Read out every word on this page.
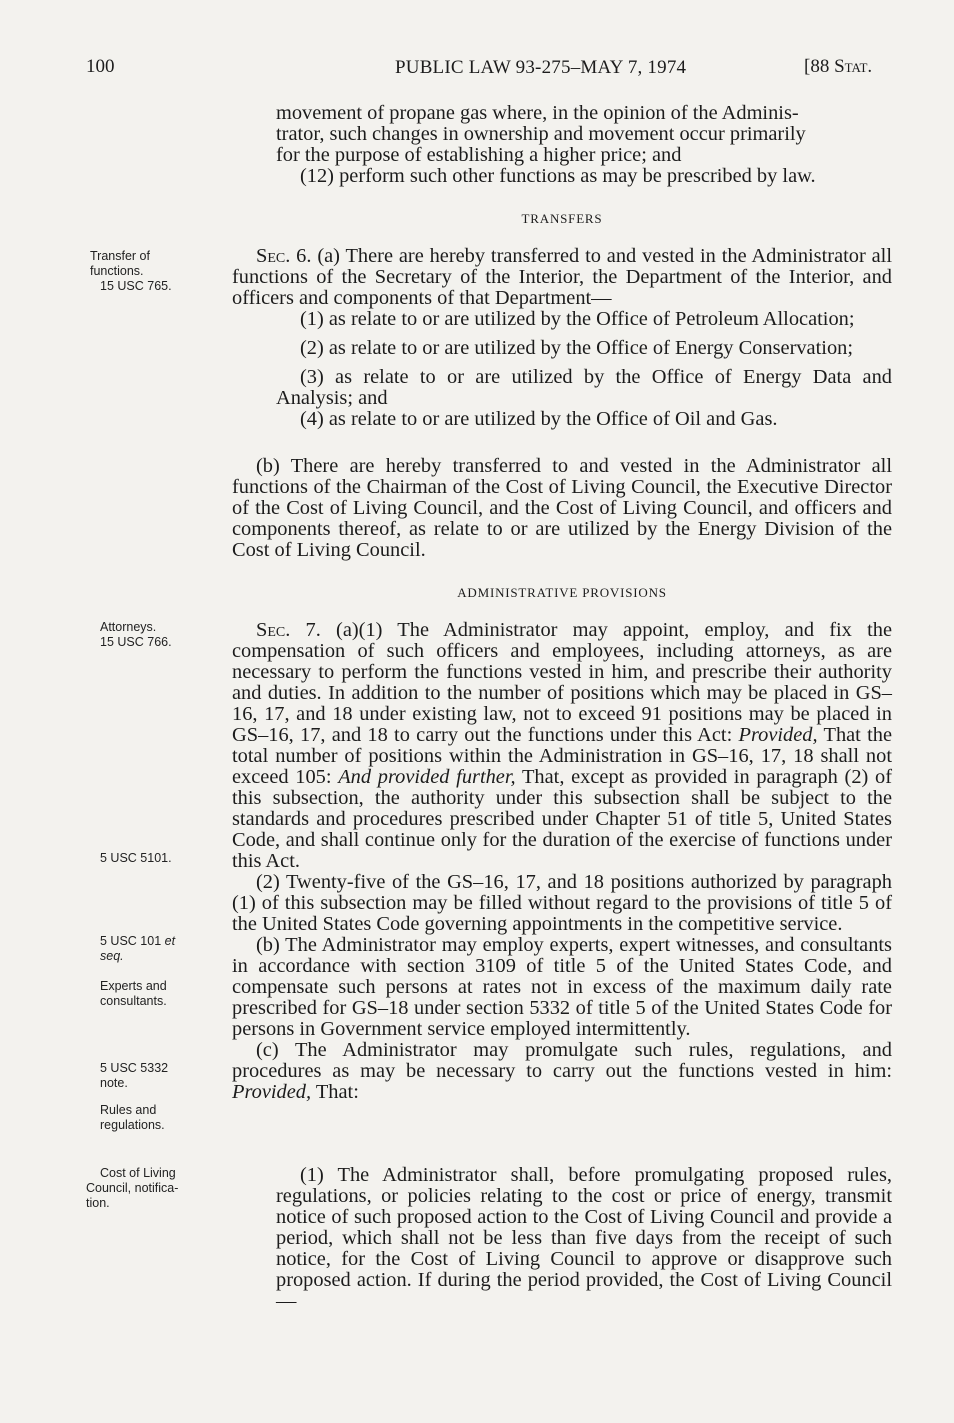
100	PUBLIC LAW 93-275–MAY 7, 1974	[88 Stat.
movement of propane gas where, in the opinion of the Adminis-
trator, such changes in ownership and movement occur primarily
for the purpose of establishing a higher price; and
(12) perform such other functions as may be prescribed by law.
TRANSFERS

Sec. 6. (a) There are hereby transferred to and vested in the Administrator all functions of the Secretary of the Interior, the Department of the Interior, and officers and components of that Department—

(1) as relate to or are utilized by the Office of Petroleum Allocation;

(2) as relate to or are utilized by the Office of Energy Conservation;

(3) as relate to or are utilized by the Office of Energy Data and Analysis; and

(4) as relate to or are utilized by the Office of Oil and Gas.

(b) There are hereby transferred to and vested in the Administrator all functions of the Chairman of the Cost of Living Council, the Executive Director of the Cost of Living Council, and the Cost of Living Council, and officers and components thereof, as relate to or are utilized by the Energy Division of the Cost of Living Council.

ADMINISTRATIVE PROVISIONS

Sec. 7. (a)(1) The Administrator may appoint, employ, and fix the compensation of such officers and employees, including attorneys, as are necessary to perform the functions vested in him, and prescribe their authority and duties. In addition to the number of positions which may be placed in GS–16, 17, and 18 under existing law, not to exceed 91 positions may be placed in GS–16, 17, and 18 to carry out the functions under this Act: Provided, That the total number of positions within the Administration in GS–16, 17, 18 shall not exceed 105: And provided further, That, except as provided in paragraph (2) of this subsection, the authority under this subsection shall be subject to the standards and procedures prescribed under Chapter 51 of title 5, United States Code, and shall continue only for the duration of the exercise of functions under this Act.

(2) Twenty-five of the GS–16, 17, and 18 positions authorized by paragraph (1) of this subsection may be filled without regard to the provisions of title 5 of the United States Code governing appointments in the competitive service.

(b) The Administrator may employ experts, expert witnesses, and consultants in accordance with section 3109 of title 5 of the United States Code, and compensate such persons at rates not in excess of the maximum daily rate prescribed for GS–18 under section 5332 of title 5 of the United States Code for persons in Government service employed intermittently.

(c) The Administrator may promulgate such rules, regulations, and procedures as may be necessary to carry out the functions vested in him: Provided, That:

(1) The Administrator shall, before promulgating proposed rules, regulations, or policies relating to the cost or price of energy, transmit notice of such proposed action to the Cost of Living Council and provide a period, which shall not be less than five days from the receipt of such notice, for the Cost of Living Council to approve or disapprove such proposed action. If during the period provided, the Cost of Living Council—

Transfer of
functions.
15 USC 765.
Attorneys.
15 USC 766.
5 USC 5101.
5 USC 101 et
seq.
Experts and
consultants.
5 USC 5332
note.
Rules and
regulations.
Cost of Living
Council, notifica-
tion.
